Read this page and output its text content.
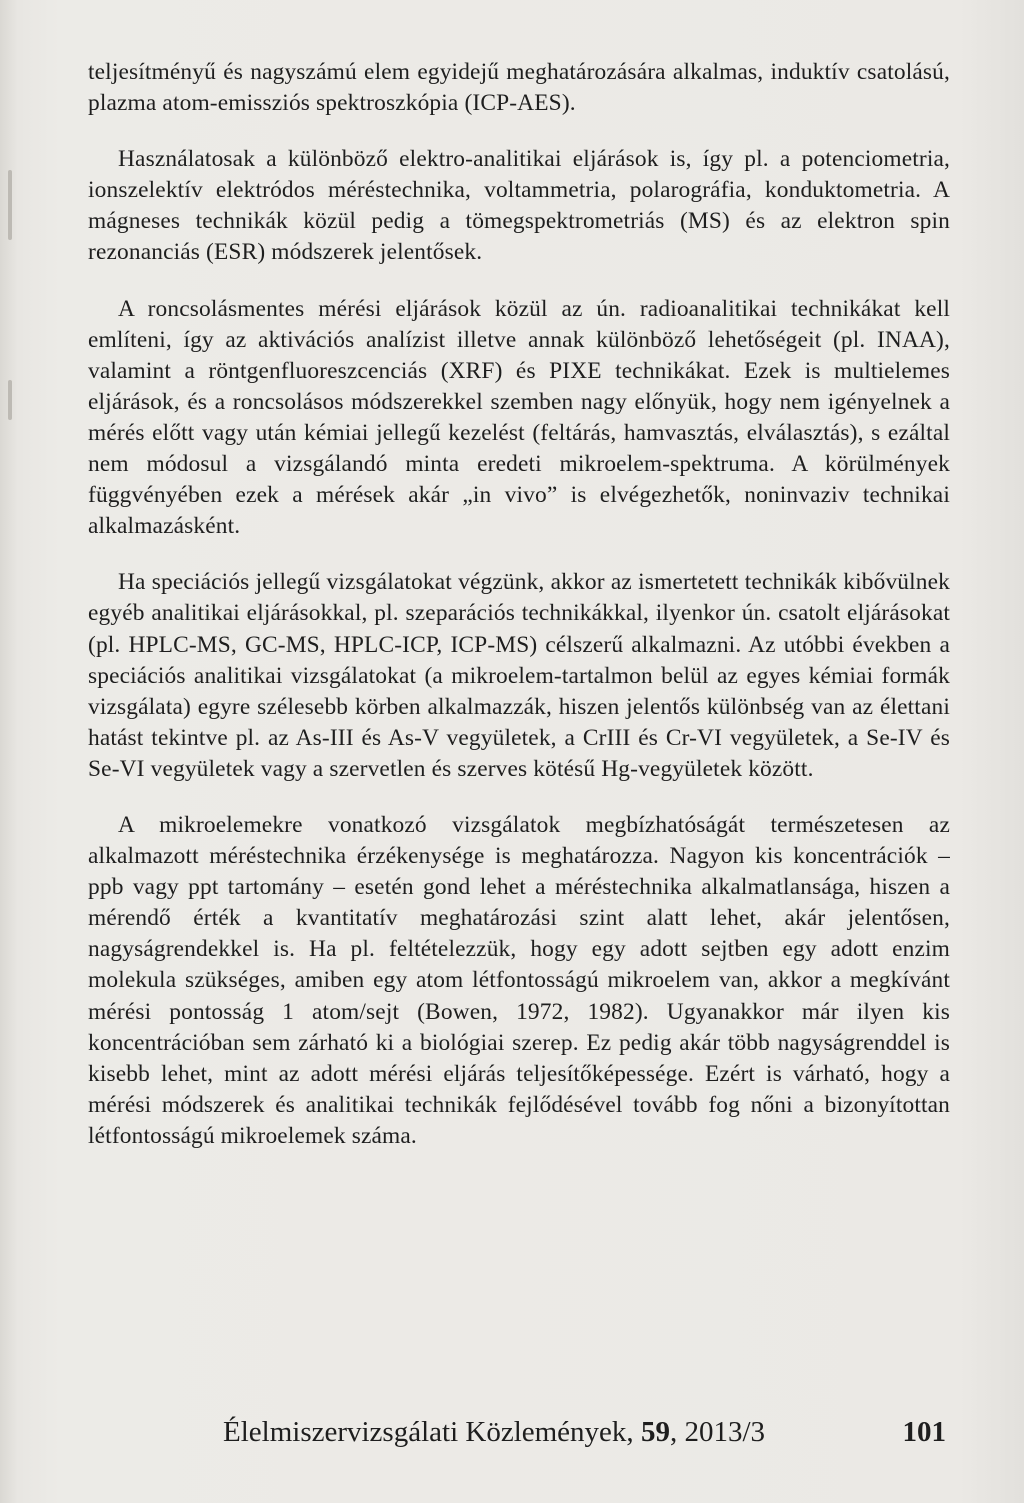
teljesítményű és nagyszámú elem egyidejű meghatározására alkalmas, induktív csatolású, plazma atom-emissziós spektroszkópia (ICP-AES).

Használatosak a különböző elektro-analitikai eljárások is, így pl. a potenciometria, ionszelektív elektródos méréstechnika, voltammetria, polarográfia, konduktometria. A mágneses technikák közül pedig a tömegspektrometriás (MS) és az elektron spin rezonanciás (ESR) módszerek jelentősek.

A roncsolásmentes mérési eljárások közül az ún. radioanalitikai technikákat kell említeni, így az aktivációs analízist illetve annak különböző lehetőségeit (pl. INAA), valamint a röntgenfluoreszcenciás (XRF) és PIXE technikákat. Ezek is multielemes eljárások, és a roncsolásos módszerekkel szemben nagy előnyük, hogy nem igényelnek a mérés előtt vagy után kémiai jellegű kezelést (feltárás, hamvasztás, elválasztás), s ezáltal nem módosul a vizsgálandó minta eredeti mikroelem-spektruma. A körülmények függvényében ezek a mérések akár „in vivo” is elvégezhetők, noninvaziv technikai alkalmazásként.

Ha speciációs jellegű vizsgálatokat végzünk, akkor az ismertetett technikák kibővülnek egyéb analitikai eljárásokkal, pl. szeparációs technikákkal, ilyenkor ún. csatolt eljárásokat (pl. HPLC-MS, GC-MS, HPLC-ICP, ICP-MS) célszerű alkalmazni. Az utóbbi években a speciációs analitikai vizsgálatokat (a mikroelem-tartalmon belül az egyes kémiai formák vizsgálata) egyre szélesebb körben alkalmazzák, hiszen jelentős különbség van az élettani hatást tekintve pl. az As-III és As-V vegyületek, a CrIII és Cr-VI vegyületek, a Se-IV és Se-VI vegyületek vagy a szervetlen és szerves kötésű Hg-vegyületek között.

A mikroelemekre vonatkozó vizsgálatok megbízhatóságát természetesen az alkalmazott méréstechnika érzékenysége is meghatározza. Nagyon kis koncentrációk – ppb vagy ppt tartomány – esetén gond lehet a méréstechnika alkalmatlansága, hiszen a mérendő érték a kvantitatív meghatározási szint alatt lehet, akár jelentősen, nagyságrendekkel is. Ha pl. feltételezzük, hogy egy adott sejtben egy adott enzim molekula szükséges, amiben egy atom létfontosságú mikroelem van, akkor a megkívánt mérési pontosság 1 atom/sejt (Bowen, 1972, 1982). Ugyanakkor már ilyen kis koncentrációban sem zárható ki a biológiai szerep. Ez pedig akár több nagyságrenddel is kisebb lehet, mint az adott mérési eljárás teljesítőképessége. Ezért is várható, hogy a mérési módszerek és analitikai technikák fejlődésével tovább fog nőni a bizonyítottan létfontosságú mikroelemek száma.

Élelmiszervizsgálati Közlemények, 59, 2013/3	101
